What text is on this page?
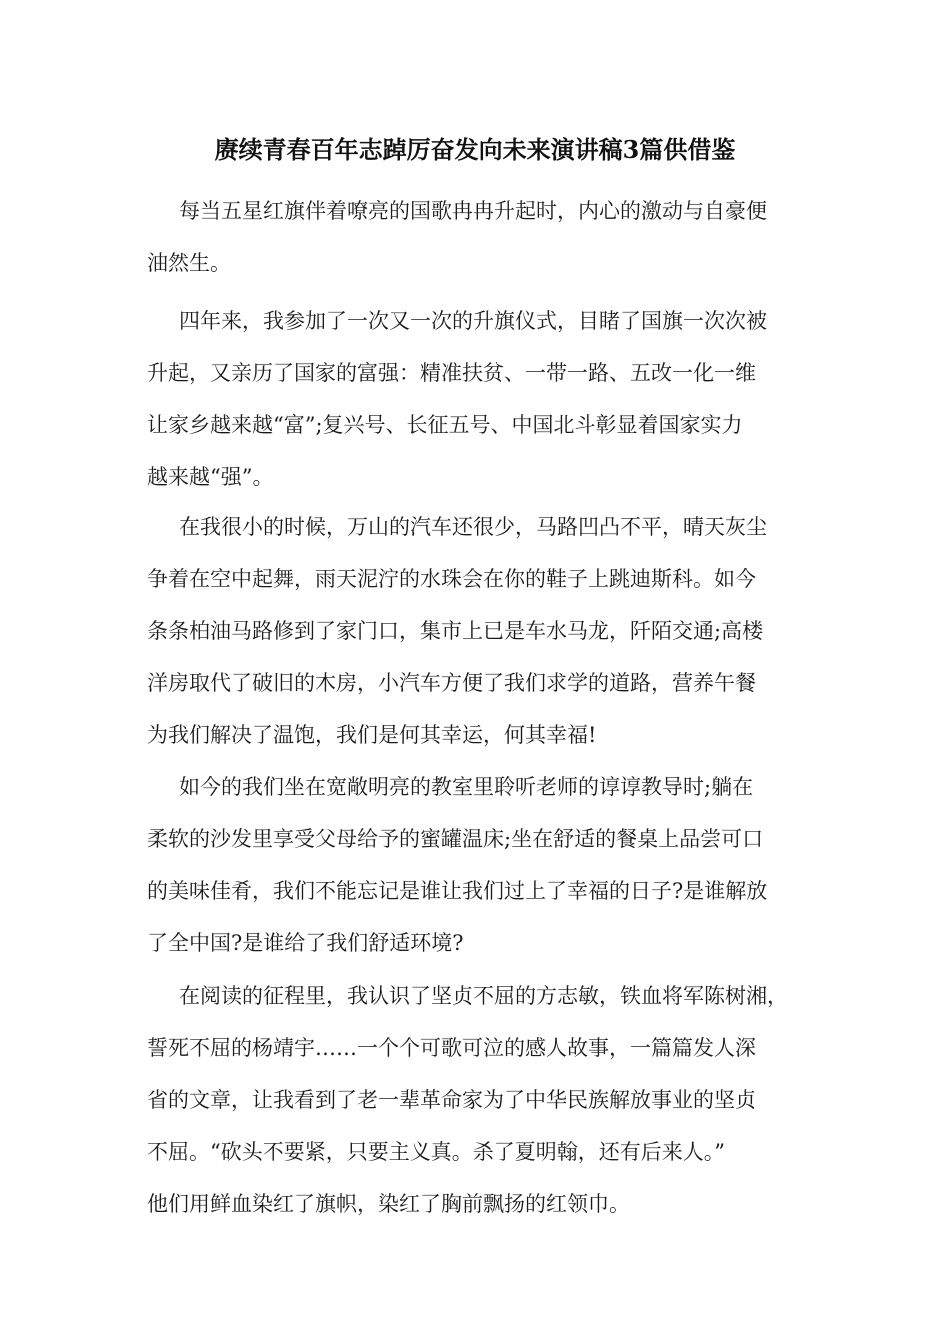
赓续青春百年志踔厉奋发向未来演讲稿3篇供借鉴
每当五星红旗伴着嘹亮的国歌冉冉升起时，内心的激动与自豪便
油然生。
四年来，我参加了一次又一次的升旗仪式，目睹了国旗一次次被
升起，又亲历了国家的富强：精准扶贫、一带一路、五改一化一维
让家乡越来越“富”;复兴号、长征五号、中国北斗彰显着国家实力
越来越“强”。
在我很小的时候，万山的汽车还很少，马路凹凸不平，晴天灰尘
争着在空中起舞，雨天泥泞的水珠会在你的鞋子上跳迪斯科。如今
条条柏油马路修到了家门口，集市上已是车水马龙，阡陌交通;高楼
洋房取代了破旧的木房，小汽车方便了我们求学的道路，营养午餐
为我们解决了温饱，我们是何其幸运，何其幸福!
如今的我们坐在宽敞明亮的教室里聆听老师的谆谆教导时;躺在
柔软的沙发里享受父母给予的蜜罐温床;坐在舒适的餐桌上品尝可口
的美味佳肴，我们不能忘记是谁让我们过上了幸福的日子?是谁解放
了全中国?是谁给了我们舒适环境?
在阅读的征程里，我认识了坚贞不屈的方志敏，铁血将军陈树湘，
誓死不屈的杨靖宇……一个个可歌可泣的感人故事，一篇篇发人深
省的文章，让我看到了老一辈革命家为了中华民族解放事业的坚贞
不屈。“砍头不要紧，只要主义真。杀了夏明翰，还有后来人。”
他们用鲜血染红了旗帜，染红了胸前飘扬的红领巾。
